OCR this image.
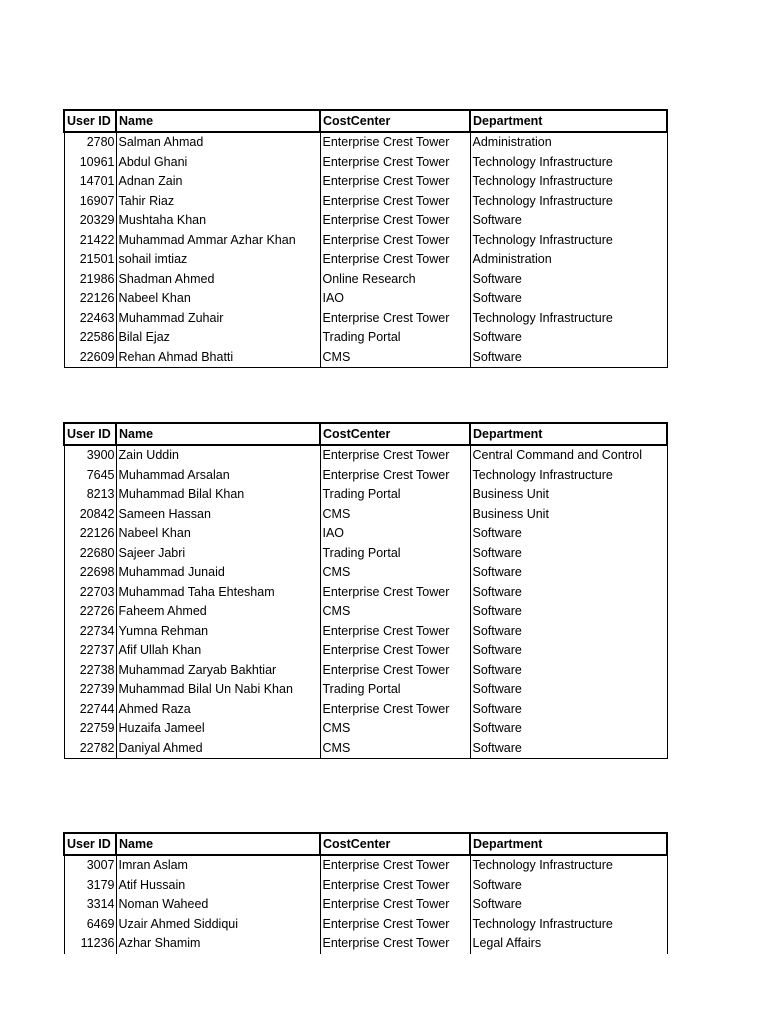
User ID	Name	CostCenter	Department
2780	Salman Ahmad	Enterprise Crest Tower	Administration
10961	Abdul Ghani	Enterprise Crest Tower	Technology Infrastructure
14701	Adnan Zain	Enterprise Crest Tower	Technology Infrastructure
16907	Tahir Riaz	Enterprise Crest Tower	Technology Infrastructure
20329	Mushtaha Khan	Enterprise Crest Tower	Software
21422	Muhammad Ammar Azhar Khan	Enterprise Crest Tower	Technology Infrastructure
21501	sohail imtiaz	Enterprise Crest Tower	Administration
21986	Shadman Ahmed	Online Research	Software
22126	Nabeel Khan	IAO	Software
22463	Muhammad Zuhair	Enterprise Crest Tower	Technology Infrastructure
22586	Bilal Ejaz	Trading Portal	Software
22609	Rehan Ahmad Bhatti	CMS	Software
User ID	Name	CostCenter	Department
3900	Zain Uddin	Enterprise Crest Tower	Central Command and Control
7645	Muhammad Arsalan	Enterprise Crest Tower	Technology Infrastructure
8213	Muhammad Bilal Khan	Trading Portal	Business Unit
20842	Sameen Hassan	CMS	Business Unit
22126	Nabeel Khan	IAO	Software
22680	Sajeer Jabri	Trading Portal	Software
22698	Muhammad Junaid	CMS	Software
22703	Muhammad Taha Ehtesham	Enterprise Crest Tower	Software
22726	Faheem Ahmed	CMS	Software
22734	Yumna Rehman	Enterprise Crest Tower	Software
22737	Afif Ullah Khan	Enterprise Crest Tower	Software
22738	Muhammad Zaryab Bakhtiar	Enterprise Crest Tower	Software
22739	Muhammad Bilal Un Nabi Khan	Trading Portal	Software
22744	Ahmed Raza	Enterprise Crest Tower	Software
22759	Huzaifa Jameel	CMS	Software
22782	Daniyal Ahmed	CMS	Software
User ID	Name	CostCenter	Department
3007	Imran Aslam	Enterprise Crest Tower	Technology Infrastructure
3179	Atif Hussain	Enterprise Crest Tower	Software
3314	Noman Waheed	Enterprise Crest Tower	Software
6469	Uzair Ahmed Siddiqui	Enterprise Crest Tower	Technology Infrastructure
11236	Azhar Shamim	Enterprise Crest Tower	Legal Affairs
